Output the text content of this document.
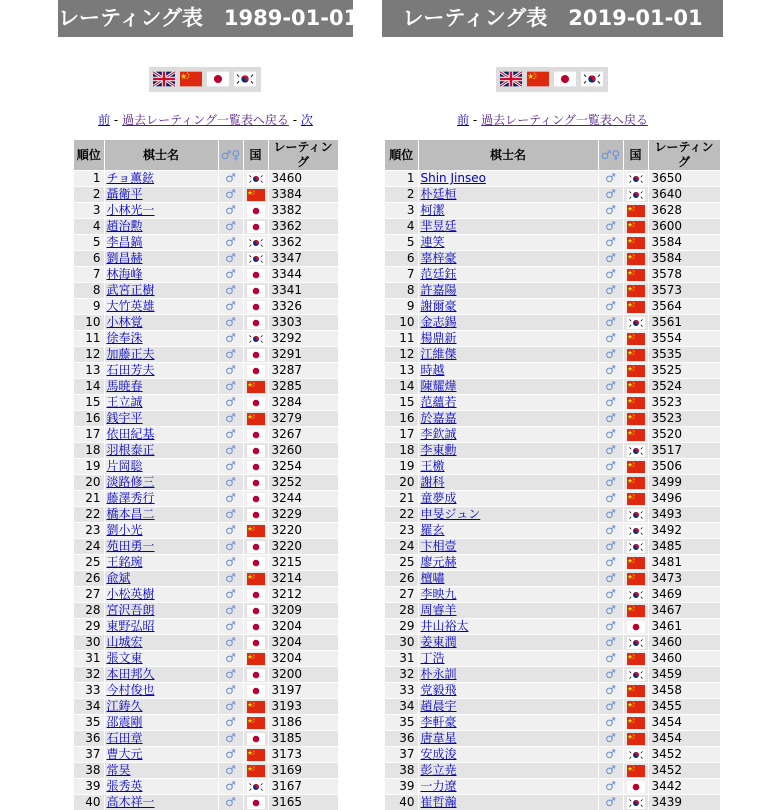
レーティング表　1989-01-01
前 - 過去レーティング一覧表へ戻る - 次
順位	棋士名	♂♀	国	レーティング
1	チョ薫鉉	♂		3460
2	聶衛平	♂		3384
3	小林光一	♂		3382
4	趙治勲	♂		3362
5	李昌鎬	♂		3362
6	劉昌赫	♂		3347
7	林海峰	♂		3344
8	武宮正樹	♂		3341
9	大竹英雄	♂		3326
10	小林覚	♂		3303
11	徐奉洙	♂		3292
12	加藤正夫	♂		3291
13	石田芳夫	♂		3287
14	馬暁春	♂		3285
15	王立誠	♂		3284
16	銭宇平	♂		3279
17	依田紀基	♂		3267
18	羽根泰正	♂		3260
19	片岡聡	♂		3254
20	淡路修三	♂		3252
21	藤澤秀行	♂		3244
22	橋本昌二	♂		3229
23	劉小光	♂		3220
24	苑田勇一	♂		3220
25	王銘琬	♂		3215
26	兪斌	♂		3214
27	小松英樹	♂		3212
28	宮沢吾朗	♂		3209
29	東野弘昭	♂		3204
30	山城宏	♂		3204
31	張文東	♂		3204
32	本田邦久	♂		3200
33	今村俊也	♂		3197
34	江鋳久	♂		3193
35	邵震剛	♂		3186
36	石田章	♂		3185
37	曹大元	♂		3173
38	常昊	♂		3169
39	張秀英	♂		3167
40	高木祥一	♂		3165
レーティング表　2019-01-01
前 - 過去レーティング一覧表へ戻る
順位	棋士名	♂♀	国	レーティング
1	Shin Jinseo	♂		3650
2	朴廷桓	♂		3640
3	柯潔	♂		3628
4	芈昱廷	♂		3600
5	連笑	♂		3584
6	辜梓豪	♂		3584
7	范廷鈺	♂		3578
8	許嘉陽	♂		3573
9	謝爾豪	♂		3564
10	金志錫	♂		3561
11	楊鼎新	♂		3554
12	江維傑	♂		3535
13	時越	♂		3525
14	陳耀燁	♂		3524
15	范蘊若	♂		3523
16	於嘉嘉	♂		3523
17	李欽誠	♂		3520
18	李東勳	♂		3517
19	王檄	♂		3506
20	謝科	♂		3499
21	童夢成	♂		3496
22	申旻ジュン	♂		3493
23	羅玄	♂		3492
24	卞相壹	♂		3485
25	廖元赫	♂		3481
26	檀嘯	♂		3473
27	李映九	♂		3469
28	周睿羊	♂		3467
29	井山裕太	♂		3461
30	姜東潤	♂		3460
31	丁浩	♂		3460
32	朴永訓	♂		3459
33	党毅飛	♂		3458
34	趙晨宇	♂		3455
35	李軒豪	♂		3454
36	唐韋星	♂		3454
37	安成浚	♂		3452
38	彭立尭	♂		3452
39	一力遼	♂		3442
40	崔哲瀚	♂		3439
